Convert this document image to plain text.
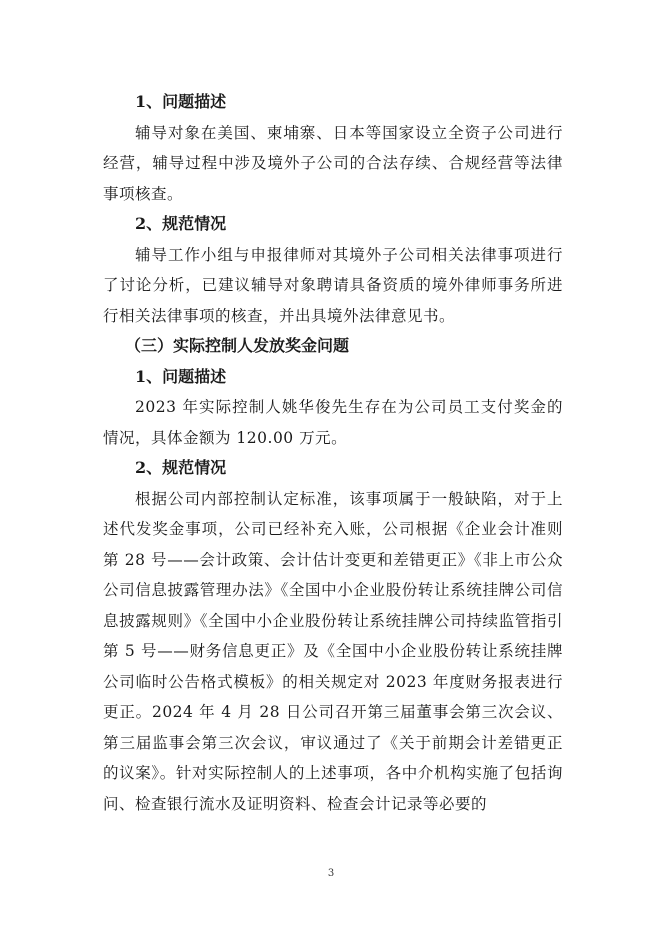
1、问题描述

辅导对象在美国、柬埔寨、日本等国家设立全资子公司进行经营，辅导过程中涉及境外子公司的合法存续、合规经营等法律事项核查。

2、规范情况

辅导工作小组与申报律师对其境外子公司相关法律事项进行了讨论分析，已建议辅导对象聘请具备资质的境外律师事务所进行相关法律事项的核查，并出具境外法律意见书。

（三）实际控制人发放奖金问题

1、问题描述

2023 年实际控制人姚华俊先生存在为公司员工支付奖金的情况，具体金额为 120.00 万元。

2、规范情况

根据公司内部控制认定标准，该事项属于一般缺陷，对于上述代发奖金事项，公司已经补充入账，公司根据《企业会计准则第 28 号——会计政策、会计估计变更和差错更正》《非上市公众公司信息披露管理办法》《全国中小企业股份转让系统挂牌公司信息披露规则》《全国中小企业股份转让系统挂牌公司持续监管指引第 5 号——财务信息更正》及《全国中小企业股份转让系统挂牌公司临时公告格式模板》的相关规定对 2023 年度财务报表进行更正。2024 年 4 月 28 日公司召开第三届董事会第三次会议、第三届监事会第三次会议，审议通过了《关于前期会计差错更正的议案》。针对实际控制人的上述事项，各中介机构实施了包括询问、检查银行流水及证明资料、检查会计记录等必要的

3
